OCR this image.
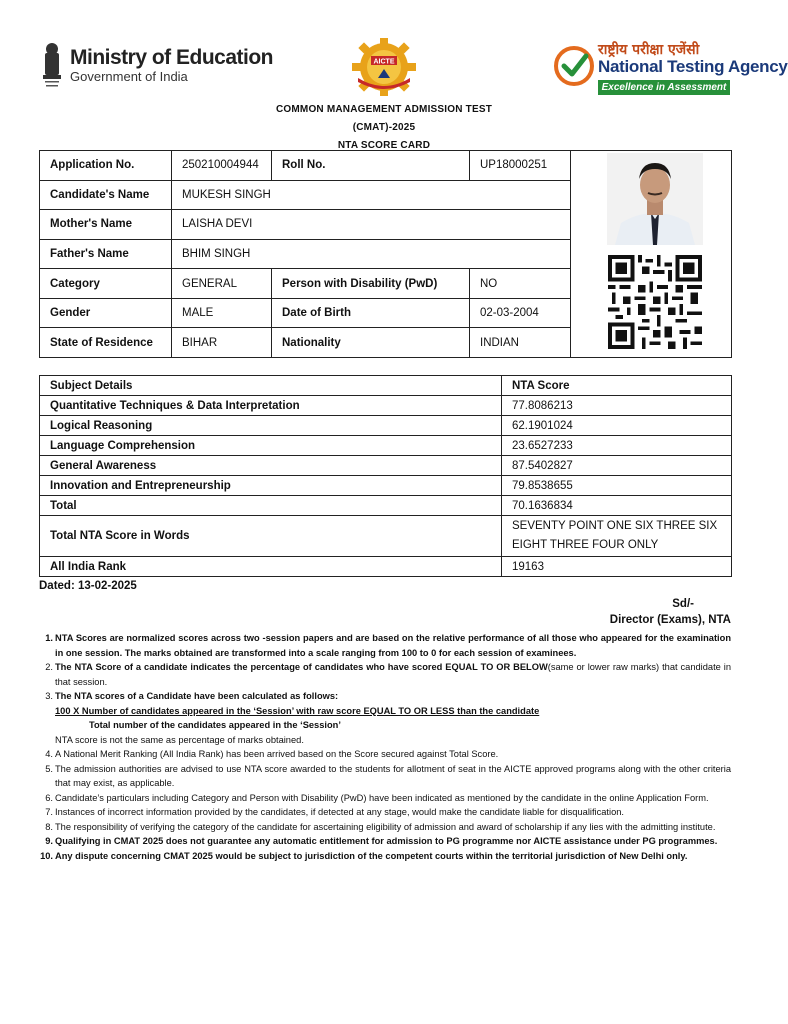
Ministry of Education
Government of India
AICTE
राष्ट्रीय परीक्षा एजेंसी
National Testing Agency
Excellence in Assessment
COMMON MANAGEMENT ADMISSION TEST
(CMAT)-2025
NTA SCORE CARD
Application No.	250210004944	Roll No.	UP18000251	

Candidate's Name	MUKESH SINGH			
Mother's Name	LAISHA DEVI			
Father's Name	BHIM SINGH			
Category	GENERAL	Person with Disability (PwD)	NO	
Gender	MALE	Date of Birth	02-03-2004	
State of Residence	BIHAR	Nationality	INDIAN	
Subject Details	NTA Score
Quantitative Techniques & Data Interpretation	77.8086213
Logical Reasoning	62.1901024
Language Comprehension	23.6527233
General Awareness	87.5402827
Innovation and Entrepreneurship	79.8538655
Total	70.1636834
Total NTA Score in Words	SEVENTY POINT ONE SIX THREE SIX
EIGHT THREE FOUR ONLY

All India Rank	19163
Dated: 13-02-2025
Sd/-
Director (Exams), NTA
1. NTA Scores are normalized scores across two -session papers and are based on the relative performance of all those who appeared for the examination in one session. The marks obtained are transformed into a scale ranging from 100 to 0 for each session of examinees.
2. The NTA Score of a candidate indicates the percentage of candidates who have scored EQUAL TO OR BELOW(same or lower raw marks) that candidate in that session.
3. The NTA scores of a Candidate have been calculated as follows:
100 X Number of candidates appeared in the ‘Session’ with raw score EQUAL TO OR LESS than the candidate
Total number of the candidates appeared in the ‘Session’
NTA score is not the same as percentage of marks obtained.
4. A National Merit Ranking (All India Rank) has been arrived based on the Score secured against Total Score.
5. The admission authorities are advised to use NTA score awarded to the students for allotment of seat in the AICTE approved programs along with the other criteria that may exist, as applicable.
6. Candidate’s particulars including Category and Person with Disability (PwD) have been indicated as mentioned by the candidate in the online Application Form.
7. Instances of incorrect information provided by the candidates, if detected at any stage, would make the candidate liable for disqualification.
8. The responsibility of verifying the category of the candidate for ascertaining eligibility of admission and award of scholarship if any lies with the admitting institute.
9. Qualifying in CMAT 2025 does not guarantee any automatic entitlement for admission to PG programme nor AICTE assistance under PG programmes.
10. Any dispute concerning CMAT 2025 would be subject to jurisdiction of the competent courts within the territorial jurisdiction of New Delhi only.
